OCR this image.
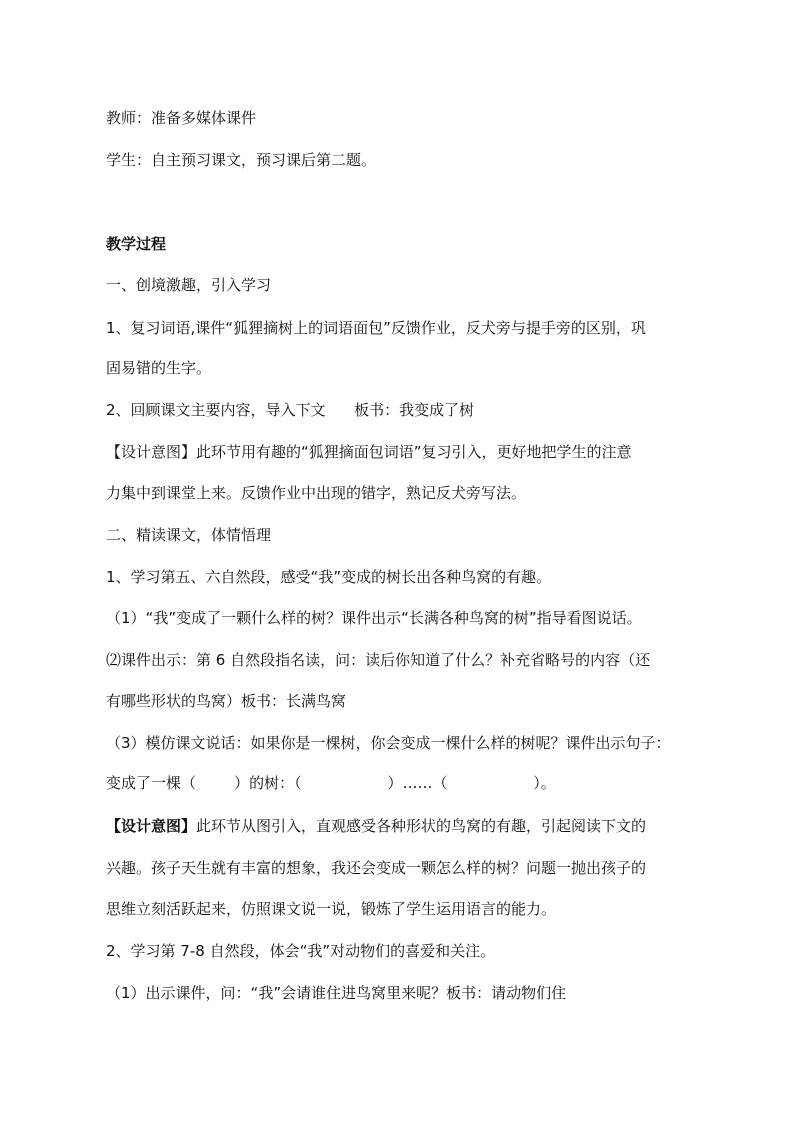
教师：准备多媒体课件
学生：自主预习课文，预习课后第二题。
教学过程
一、创境激趣，引入学习
1、复习词语,课件“狐狸摘树上的词语面包”反馈作业，反犬旁与提手旁的区别，巩
固易错的生字。
2、回顾课文主要内容，导入下文      板书：我变成了树
【设计意图】此环节用有趣的“狐狸摘面包词语”复习引入，更好地把学生的注意
力集中到课堂上来。反馈作业中出现的错字，熟记反犬旁写法。
二、精读课文，体情悟理
1、学习第五、六自然段，感受“我”变成的树长出各种鸟窝的有趣。
（1）“我”变成了一颗什么样的树？课件出示“长满各种鸟窝的树”指导看图说话。
⑵课件出示：第 6 自然段指名读，问：读后你知道了什么？补充省略号的内容（还
有哪些形状的鸟窝）板书：长满鸟窝
（3）模仿课文说话：如果你是一棵树，你会变成一棵什么样的树呢？课件出示句子：
变成了一棵（        ）的树：（                  ）……（                  ）。
【设计意图】此环节从图引入，直观感受各种形状的鸟窝的有趣，引起阅读下文的
兴趣。孩子天生就有丰富的想象，我还会变成一颗怎么样的树？问题一抛出孩子的
思维立刻活跃起来，仿照课文说一说，锻炼了学生运用语言的能力。
2、学习第 7-8 自然段，体会“我”对动物们的喜爱和关注。
（1）出示课件，问：“我”会请谁住进鸟窝里来呢？板书：请动物们住
